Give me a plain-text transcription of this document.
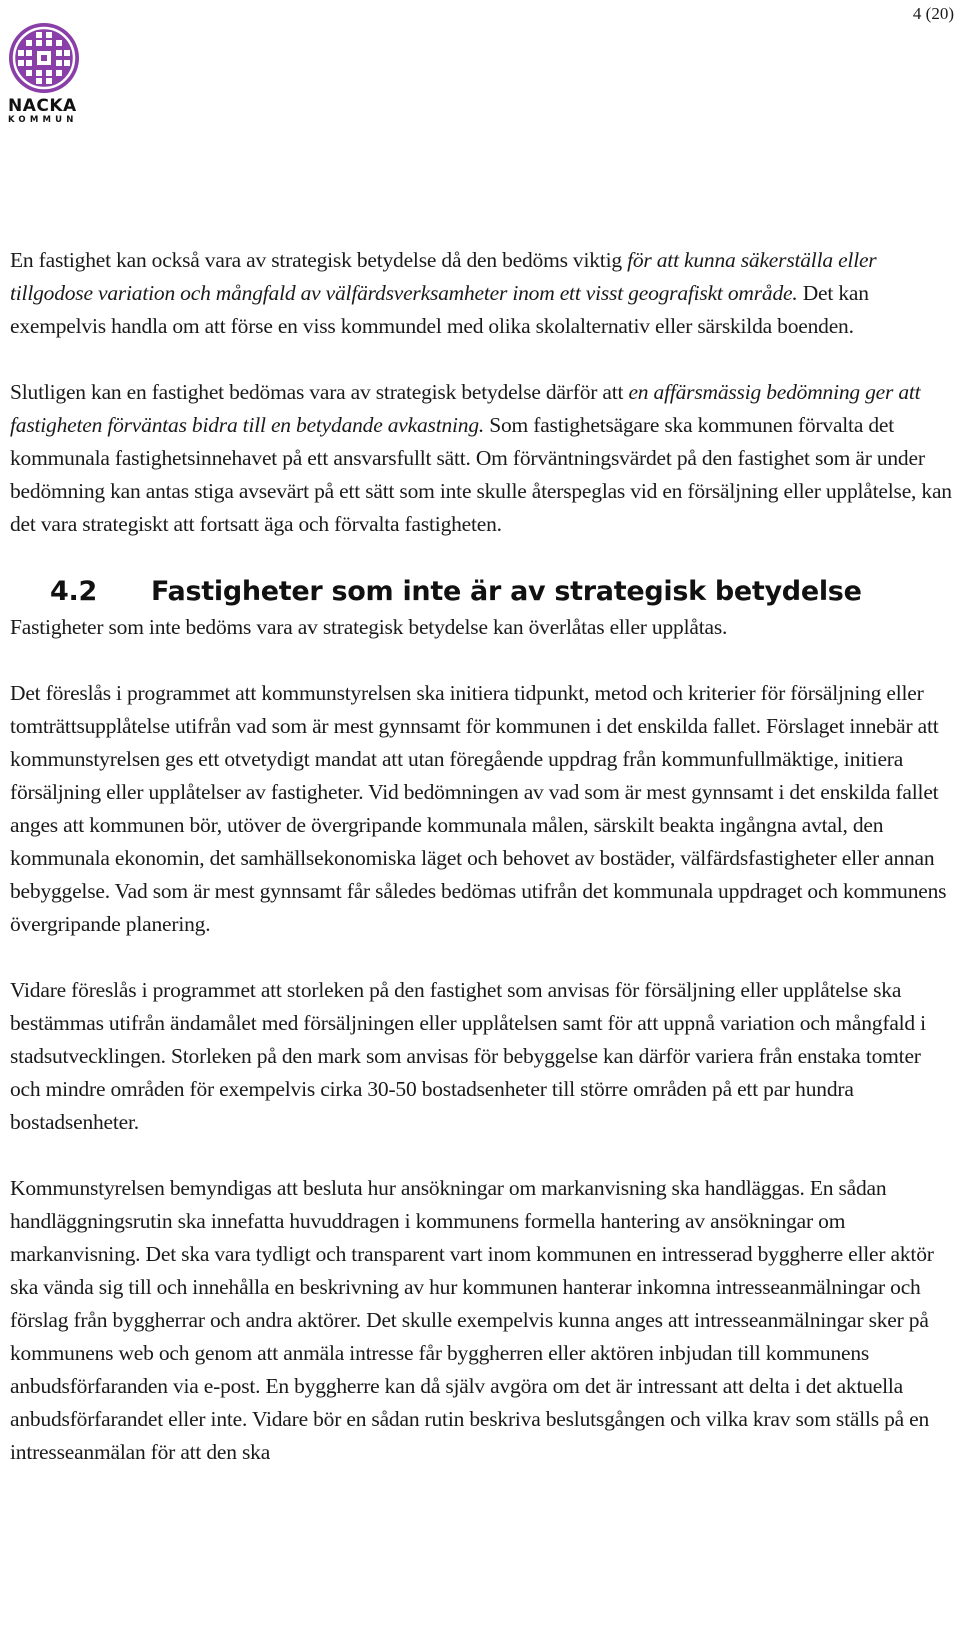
4 (20)
NACKA
KOMMUN

En fastighet kan också vara av strategisk betydelse då den bedöms viktig för att kunna säkerställa eller tillgodose variation och mångfald av välfärdsverksamheter inom ett visst geografiskt område. Det kan exempelvis handla om att förse en viss kommundel med olika skolalternativ eller särskilda boenden.

Slutligen kan en fastighet bedömas vara av strategisk betydelse därför att en affärsmässig bedömning ger att fastigheten förväntas bidra till en betydande avkastning. Som fastighetsägare ska kommunen förvalta det kommunala fastighetsinnehavet på ett ansvarsfullt sätt. Om förväntningsvärdet på den fastighet som är under bedömning kan antas stiga avsevärt på ett sätt som inte skulle återspeglas vid en försäljning eller upplåtelse, kan det vara strategiskt att fortsatt äga och förvalta fastigheten.

4.2 Fastigheter som inte är av strategisk betydelse

Fastigheter som inte bedöms vara av strategisk betydelse kan överlåtas eller upplåtas.

Det föreslås i programmet att kommunstyrelsen ska initiera tidpunkt, metod och kriterier för försäljning eller tomträttsupplåtelse utifrån vad som är mest gynnsamt för kommunen i det enskilda fallet. Förslaget innebär att kommunstyrelsen ges ett otvetydigt mandat att utan föregående uppdrag från kommunfullmäktige, initiera försäljning eller upplåtelser av fastigheter. Vid bedömningen av vad som är mest gynnsamt i det enskilda fallet anges att kommunen bör, utöver de övergripande kommunala målen, särskilt beakta ingångna avtal, den kommunala ekonomin, det samhällsekonomiska läget och behovet av bostäder, välfärdsfastigheter eller annan bebyggelse. Vad som är mest gynnsamt får således bedömas utifrån det kommunala uppdraget och kommunens övergripande planering.

Vidare föreslås i programmet att storleken på den fastighet som anvisas för försäljning eller upplåtelse ska bestämmas utifrån ändamålet med försäljningen eller upplåtelsen samt för att uppnå variation och mångfald i stadsutvecklingen. Storleken på den mark som anvisas för bebyggelse kan därför variera från enstaka tomter och mindre områden för exempelvis cirka 30-50 bostadsenheter till större områden på ett par hundra bostadsenheter.

Kommunstyrelsen bemyndigas att besluta hur ansökningar om markanvisning ska handläggas. En sådan handläggningsrutin ska innefatta huvuddragen i kommunens formella hantering av ansökningar om markanvisning. Det ska vara tydligt och transparent vart inom kommunen en intresserad byggherre eller aktör ska vända sig till och innehålla en beskrivning av hur kommunen hanterar inkomna intresseanmälningar och förslag från byggherrar och andra aktörer. Det skulle exempelvis kunna anges att intresseanmälningar sker på kommunens web och genom att anmäla intresse får byggherren eller aktören inbjudan till kommunens anbudsförfaranden via e-post. En byggherre kan då själv avgöra om det är intressant att delta i det aktuella anbudsförfarandet eller inte. Vidare bör en sådan rutin beskriva beslutsgången och vilka krav som ställs på en intresseanmälan för att den ska
